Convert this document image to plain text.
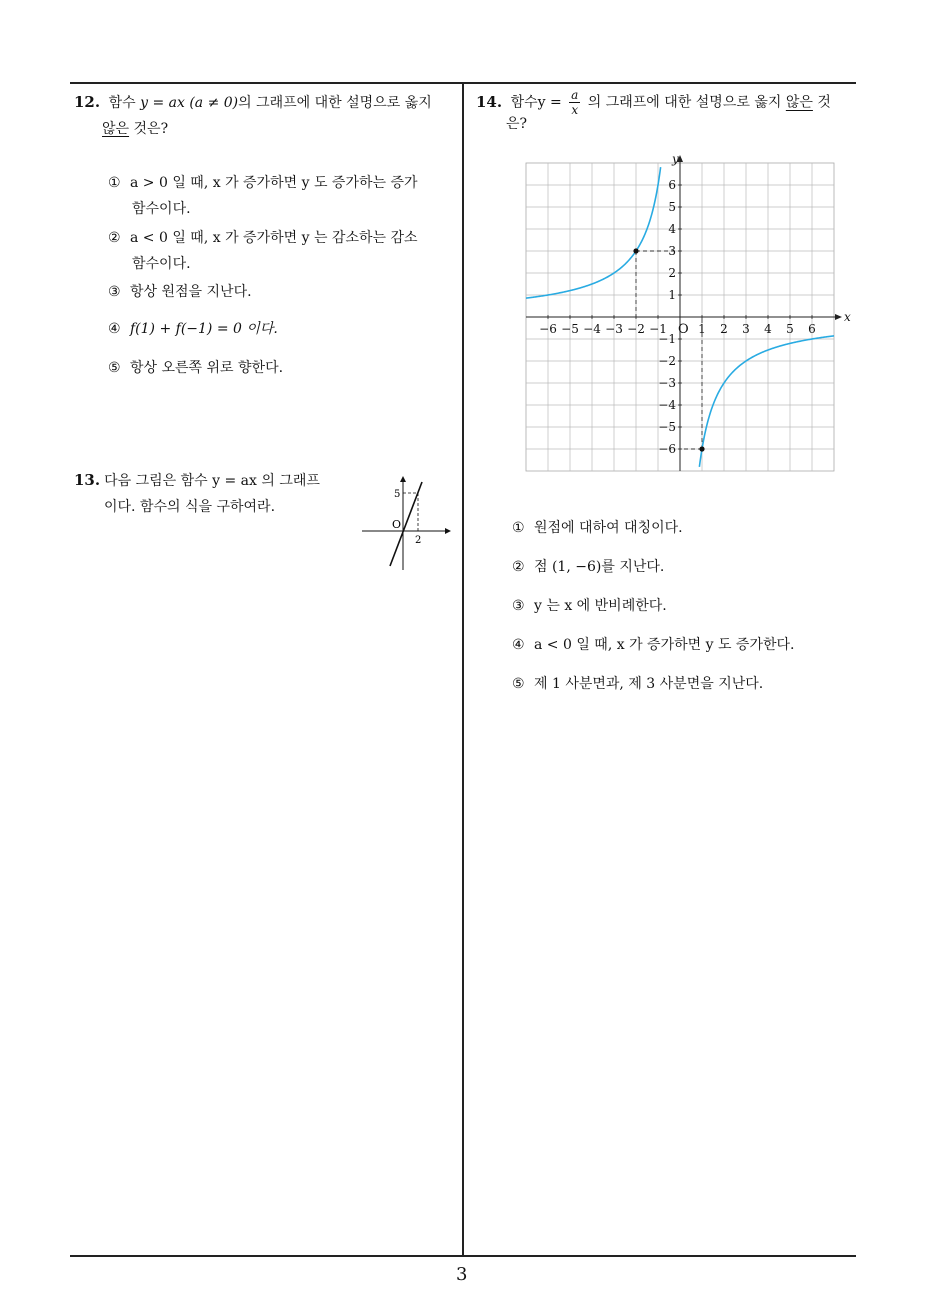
12. 함수 y = ax (a ≠ 0)의 그래프에 대한 설명으로 옳지
않은 것은?
① a > 0 일 때, x 가 증가하면 y 도 증가하는 증가
함수이다.
② a < 0 일 때, x 가 증가하면 y 는 감소하는 감소
함수이다.
③ 항상 원점을 지난다.
④ f(1) + f(−1) = 0 이다.
⑤ 항상 오른쪽 위로 향한다.
13. 다음 그림은 함수 y = ax 의 그래프
이다. 함수의 식을 구하여라.
5
2
O
14. 함수$y = \frac{a}{x}$ 의 그래프에 대한 설명으로 옳지 않은 것
은?
−6 −5 −4 −3 −2 −1	1 2 3 4 5 6
6
5
4
3
2
1
−1
−2
−3
−4
−5
−6
O
x
y
① 원점에 대하여 대칭이다.
② 점 (1, −6)를 지난다.
③ y 는 x 에 반비례한다.
④ a < 0 일 때, x 가 증가하면 y 도 증가한다.
⑤ 제 1 사분면과, 제 3 사분면을 지난다.
3
